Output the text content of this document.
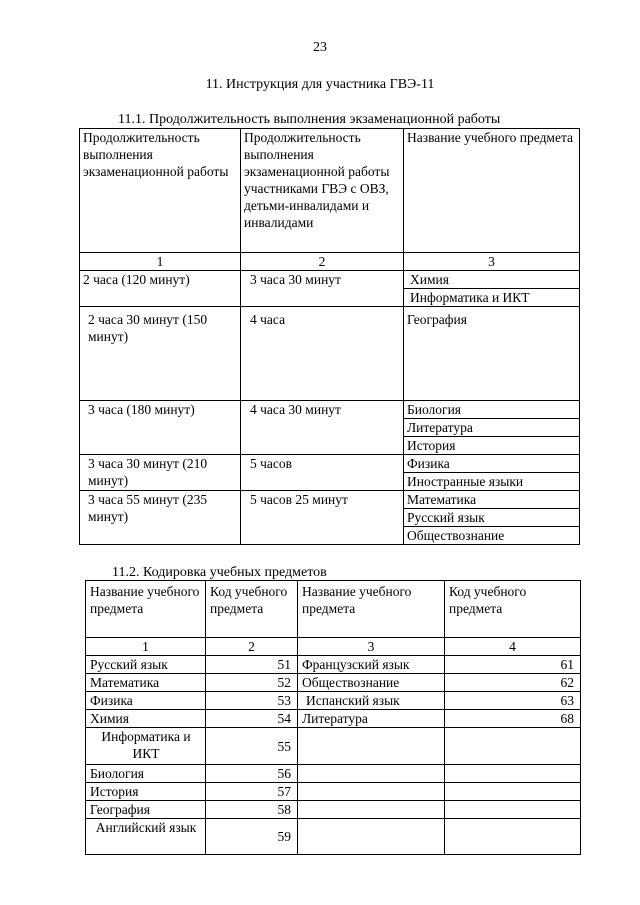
23
11. Инструкция для участника ГВЭ-11
11.1. Продолжительность выполнения экзаменационной работы
Продолжительность выполнения экзаменационной работы	Продолжительность выполнения экзаменационной работы участниками ГВЭ с ОВЗ, детьми-инвалидами и инвалидами	Название учебного предмета
1	2	3
2 часа (120 минут)	3 часа 30 минут		Химия
Информатика и ИКТ

2 часа 30 минут (150 минут)	4 часа	География
3 часа (180 минут)	4 часа 30 минут		Биология
Литература
История

3 часа 30 минут (210 минут)	5 часов		Физика
Иностранные языки

3 часа 55 минут (235 минут)	5 часов 25 минут		Математика
Русский язык
Обществознание
11.2. Кодировка учебных предметов
Название учебного предмета	Код учебного предмета	Название учебного предмета	Код учебного предмета
1	2	3	4
Русский язык	51	Французский язык	61
Математика	52	Обществознание	62
Физика	53	Испанский язык	63
Химия	54	Литература	68
Информатика и ИКТ	55		
Биология	56		
История	57		
География	58		
Английский язык	59		
